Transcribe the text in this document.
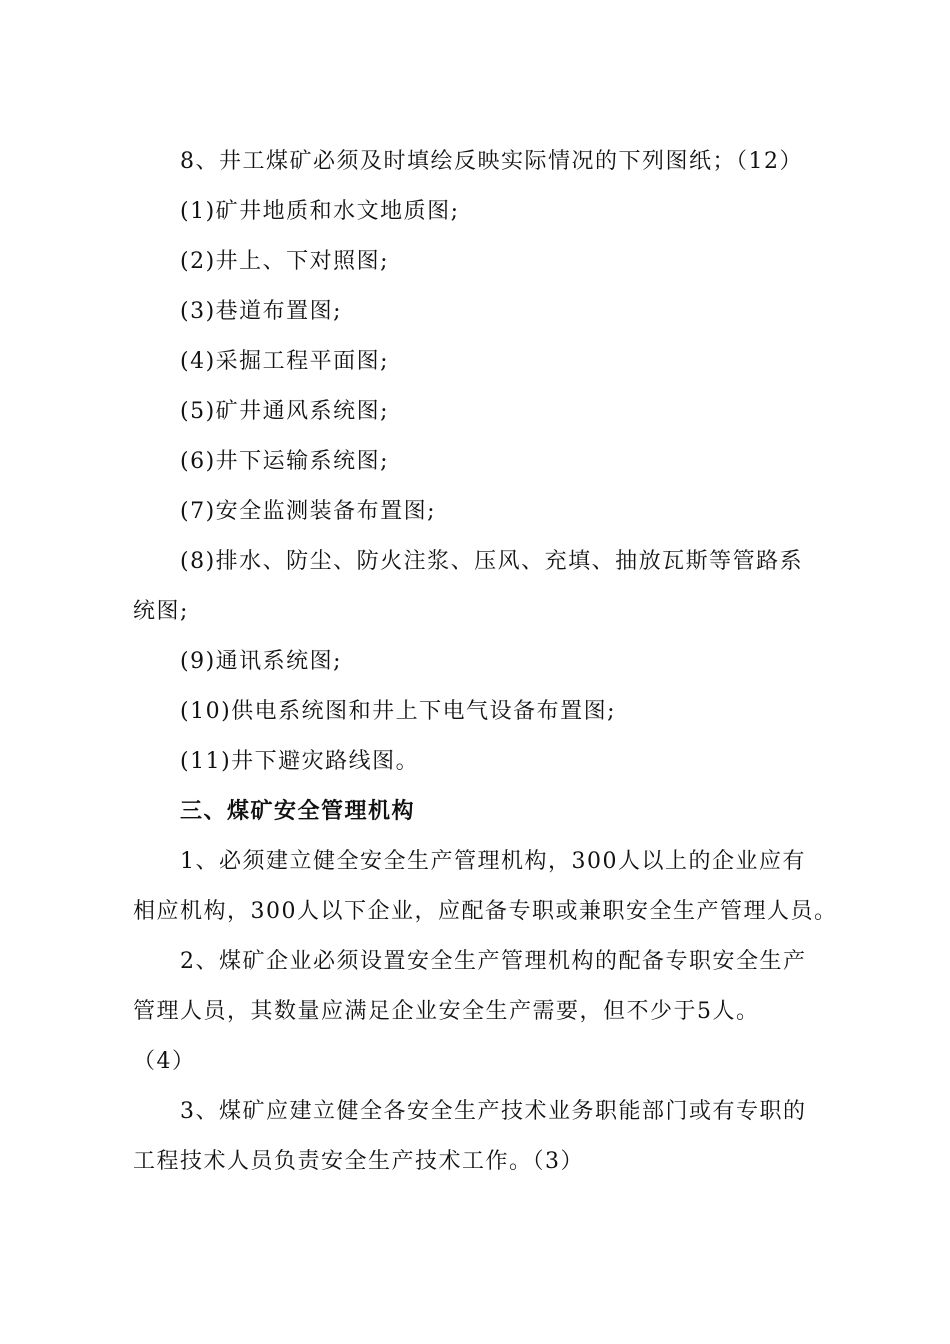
8、井工煤矿必须及时填绘反映实际情况的下列图纸；（12）
(1)矿井地质和水文地质图;
(2)井上、下对照图;
(3)巷道布置图;
(4)采掘工程平面图;
(5)矿井通风系统图;
(6)井下运输系统图;
(7)安全监测装备布置图;
(8)排水、防尘、防火注浆、压风、充填、抽放瓦斯等管路系
统图;
(9)通讯系统图;
(10)供电系统图和井上下电气设备布置图;
(11)井下避灾路线图。
三、煤矿安全管理机构
1、必须建立健全安全生产管理机构，300人以上的企业应有
相应机构，300人以下企业，应配备专职或兼职安全生产管理人员。
2、煤矿企业必须设置安全生产管理机构的配备专职安全生产
管理人员，其数量应满足企业安全生产需要，但不少于5人。
（4）
3、煤矿应建立健全各安全生产技术业务职能部门或有专职的
工程技术人员负责安全生产技术工作。（3）
